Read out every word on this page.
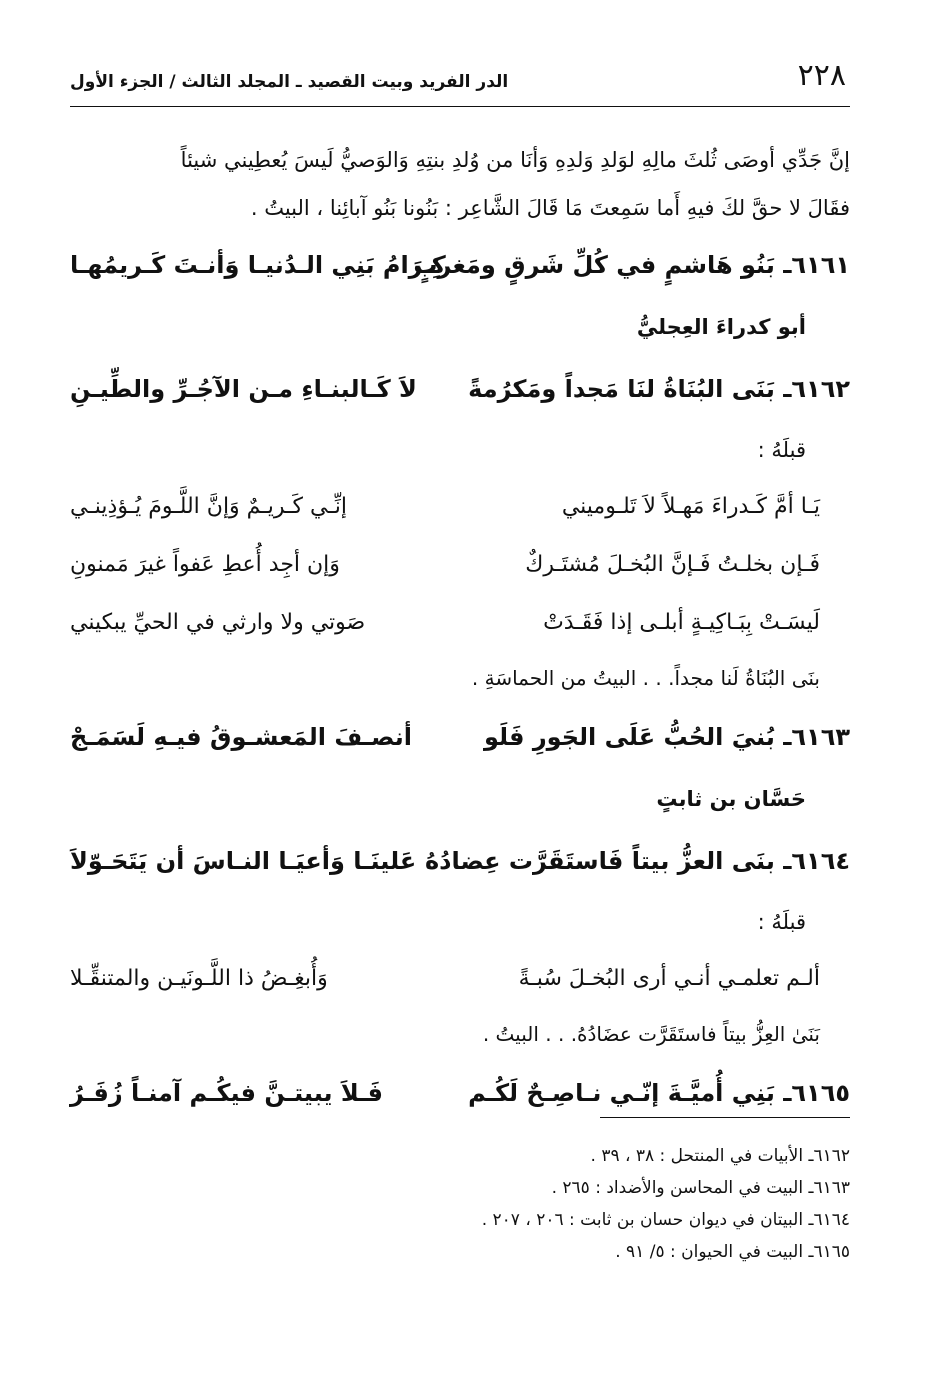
٢٢٨
الدر الفريد وبيت القصيد ـ المجلد الثالث / الجزء الأول

إنَّ جَدِّي أوصَى ثُلثَ مالِهِ لوَلدِ وَلدِهِ وَأنَا من وُلدِ بنتِهِ وَالوَصيُّ لَيسَ يُعطِيني شيئاً
فقَالَ لا حقَّ لكَ فيهِ أَما سَمِعتَ مَا قَالَ الشَّاعِر : بَنُونا بَنُو آبائِنا ، البيتُ .

٦١٦١ـ بَنُو هَاشمٍ في كُلِّ شَرقٍ ومَغربٍ
كِـرَامُ بَنِي الـدُنيـا وَأنـتَ كَـريمُهـا
أبو كدراءَ العِجليُّ
٦١٦٢ـ بَنَى البُنَاةُ لنَا مَجداً ومَكرُمةً
لاَ كَـالبنـاءِ مـن الآجُـرِّ والطِّيـنِ
قبلَهُ :
يَـا أمَّ كَـدراءَ مَهـلاً لاَ تَلـوميني
إنِّـي كَـريـمٌ وَإنَّ اللَّـومَ يُـؤذِينـي
فَـإن بخلـتُ فَـإنَّ البُخـلَ مُشتَـركٌ
وَإن أجِد أُعطِ عَفواً غيرَ مَمنونِ
لَيسَـتْ بِبَـاكِيـةٍ أبلـى إذا فَقَـدَتْ
صَوتي ولا وارثي في الحيِّ يبكيني
بنَى البُنَاةُ لَنا مجداً. . . البيتُ من الحماسَةِ .
٦١٦٣ـ بُنيَ الحُبُّ عَلَى الجَورِ فَلَو
أنصـفَ المَعشـوقُ فيـهِ لَسَمَـجْ
حَسَّان بن ثابتٍ
٦١٦٤ـ بنَى العزُّ بيتاً فَاستَقَرَّت عِضادُهُ
عَلينَـا وَأعيَـا النـاسَ أن يَتَحَـوّلاَ
قبلَهُ :
ألـم تعلمـي أنـي أرى البُخـلَ سُبـةً
وَأُبغِـضُ ذا اللَّـونَيـن والمتنقِّـلا
بَنَىٰ العِزُّ بيتاً فاستَقَرَّت عضَادُهُ. . . البيتُ .
٦١٦٥ـ بَنِي أُميَّـةَ إنّـي نـاصِـحٌ لَكُـم
فَـلاَ يبيتـنَّ فيكُـم آمنـاً زُفَـرُ
٦١٦٢ـ الأبيات في المنتحل : ٣٨ ، ٣٩ .
٦١٦٣ـ البيت في المحاسن والأضداد : ٢٦٥ .
٦١٦٤ـ البيتان في ديوان حسان بن ثابت : ٢٠٦ ، ٢٠٧ .
٦١٦٥ـ البيت في الحيوان : ٥/ ٩١ .
